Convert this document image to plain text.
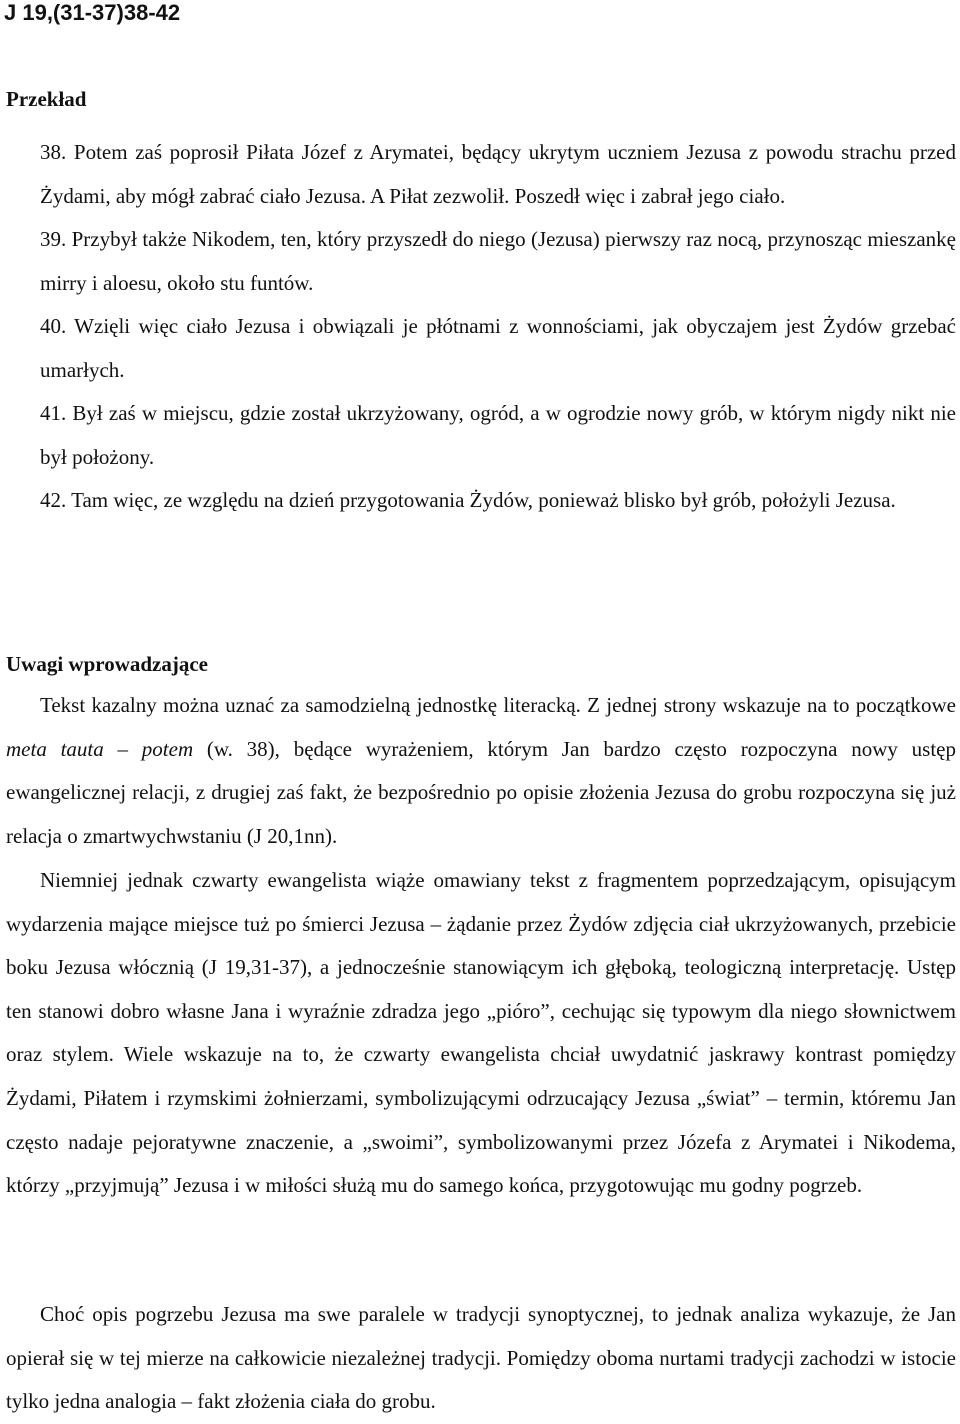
J 19,(31-37)38-42

Przekład

38. Potem zaś poprosił Piłata Józef z Arymatei, będący ukrytym uczniem Jezusa z powodu strachu przed Żydami, aby mógł zabrać ciało Jezusa. A Piłat zezwolił. Poszedł więc i zabrał jego ciało.

39. Przybył także Nikodem, ten, który przyszedł do niego (Jezusa) pierwszy raz nocą, przynosząc mieszankę mirry i aloesu, około stu funtów.

40. Wzięli więc ciało Jezusa i obwiązali je płótnami z wonnościami, jak obyczajem jest Żydów grzebać umarłych.

41. Był zaś w miejscu, gdzie został ukrzyżowany, ogród, a w ogrodzie nowy grób, w którym nigdy nikt nie był położony.

42. Tam więc, ze względu na dzień przygotowania Żydów, ponieważ blisko był grób, położyli Jezusa.

Uwagi wprowadzające

Tekst kazalny można uznać za samodzielną jednostkę literacką. Z jednej strony wskazuje na to początkowe meta tauta – potem (w. 38), będące wyrażeniem, którym Jan bardzo często rozpoczyna nowy ustęp ewangelicznej relacji, z drugiej zaś fakt, że bezpośrednio po opisie złożenia Jezusa do grobu rozpoczyna się już relacja o zmartwychwstaniu (J 20,1nn).

Niemniej jednak czwarty ewangelista wiąże omawiany tekst z fragmentem poprzedzającym, opisującym wydarzenia mające miejsce tuż po śmierci Jezusa – żądanie przez Żydów zdjęcia ciał ukrzyżowanych, przebicie boku Jezusa włócznią (J 19,31-37), a jednocześnie stanowiącym ich głęboką, teologiczną interpretację. Ustęp ten stanowi dobro własne Jana i wyraźnie zdradza jego „pióro”, cechując się typowym dla niego słownictwem oraz stylem. Wiele wskazuje na to, że czwarty ewangelista chciał uwydatnić jaskrawy kontrast pomiędzy Żydami, Piłatem i rzymskimi żołnierzami, symbolizującymi odrzucający Jezusa „świat” – termin, któremu Jan często nadaje pejoratywne znaczenie, a „swoimi”, symbolizowanymi przez Józefa z Arymatei i Nikodema, którzy „przyjmują” Jezusa i w miłości służą mu do samego końca, przygotowując mu godny pogrzeb.

Choć opis pogrzebu Jezusa ma swe paralele w tradycji synoptycznej, to jednak analiza wykazuje, że Jan opierał się w tej mierze na całkowicie niezależnej tradycji. Pomiędzy oboma nurtami tradycji zachodzi w istocie tylko jedna analogia – fakt złożenia ciała do grobu.
